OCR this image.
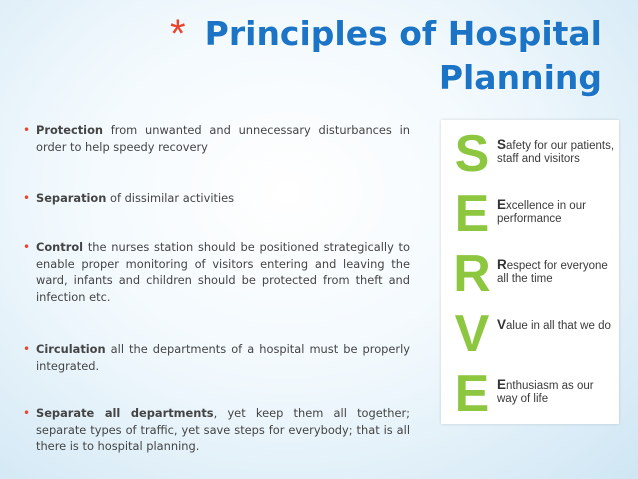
* Principles of Hospital
Planning
• Protection from unwanted and unnecessary disturbances in order to help speedy recovery
• Separation of dissimilar activities
• Control the nurses station should be positioned strategically to enable proper monitoring of visitors entering and leaving the ward, infants and children should be protected from theft and infection etc.
• Circulation all the departments of a hospital must be properly integrated.
• Separate all departments, yet keep them all together; separate types of traffic, yet save steps for everybody; that is all there is to hospital planning.
S Safety for our patients, staff and visitors
E Excellence in our performance
R Respect for everyone all the time
V Value in all that we do
E Enthusiasm as our way of life
